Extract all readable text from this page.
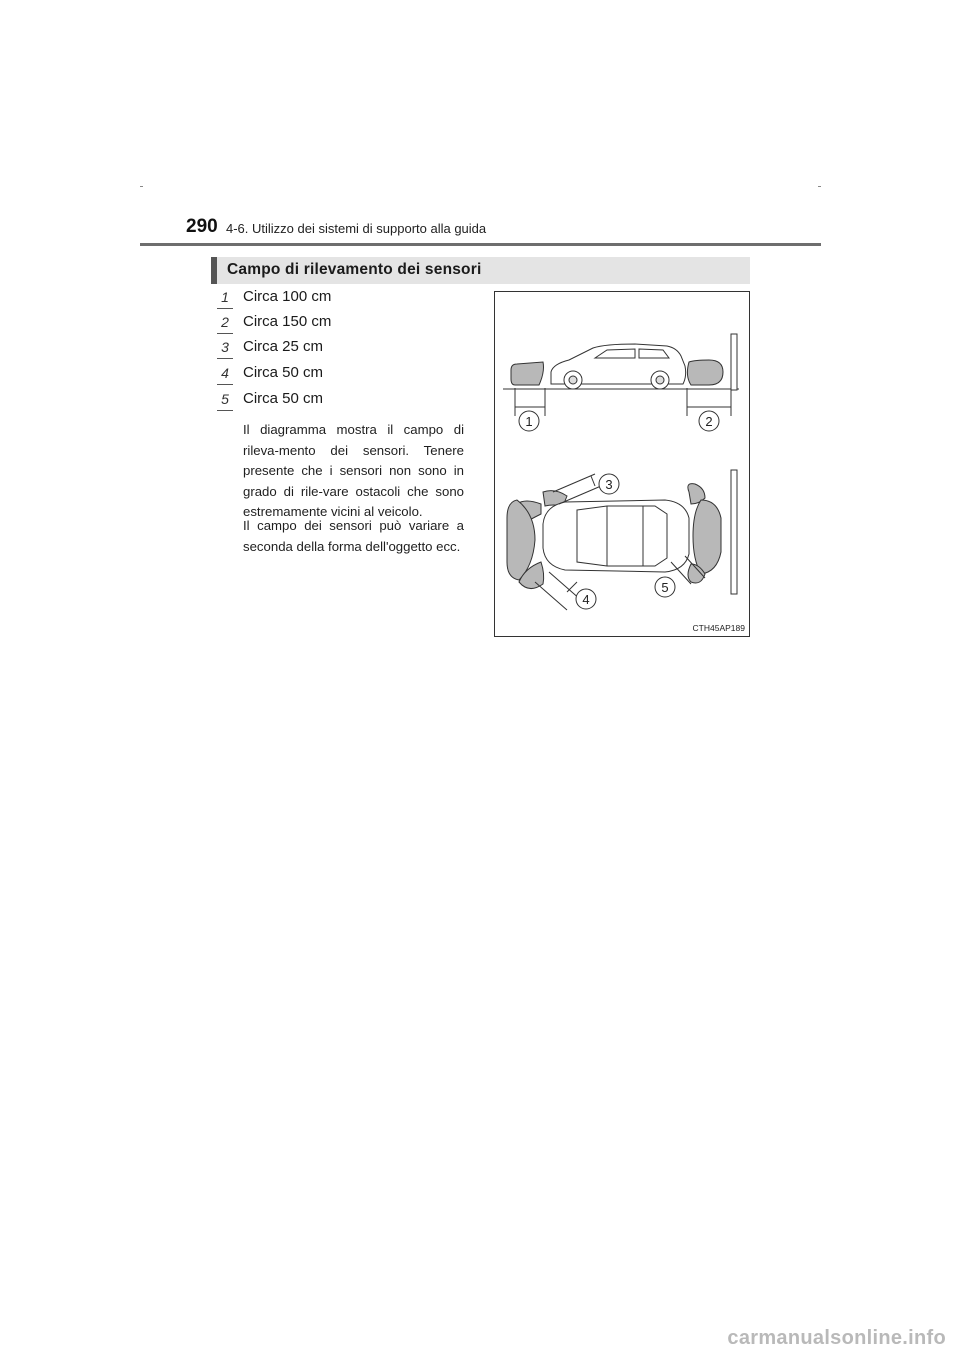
290 4-6. Utilizzo dei sistemi di supporto alla guida
Campo di rilevamento dei sensori
1 Circa 100 cm
2 Circa 150 cm
3 Circa 25 cm
4 Circa 50 cm
5 Circa 50 cm

Il diagramma mostra il campo di rileva-mento dei sensori. Tenere presente che i sensori non sono in grado di rile-vare ostacoli che sono estremamente vicini al veicolo.

Il campo dei sensori può variare a seconda della forma dell'oggetto ecc.

1	2
3
4
5
CTH45AP189
carmanualsonline.info
